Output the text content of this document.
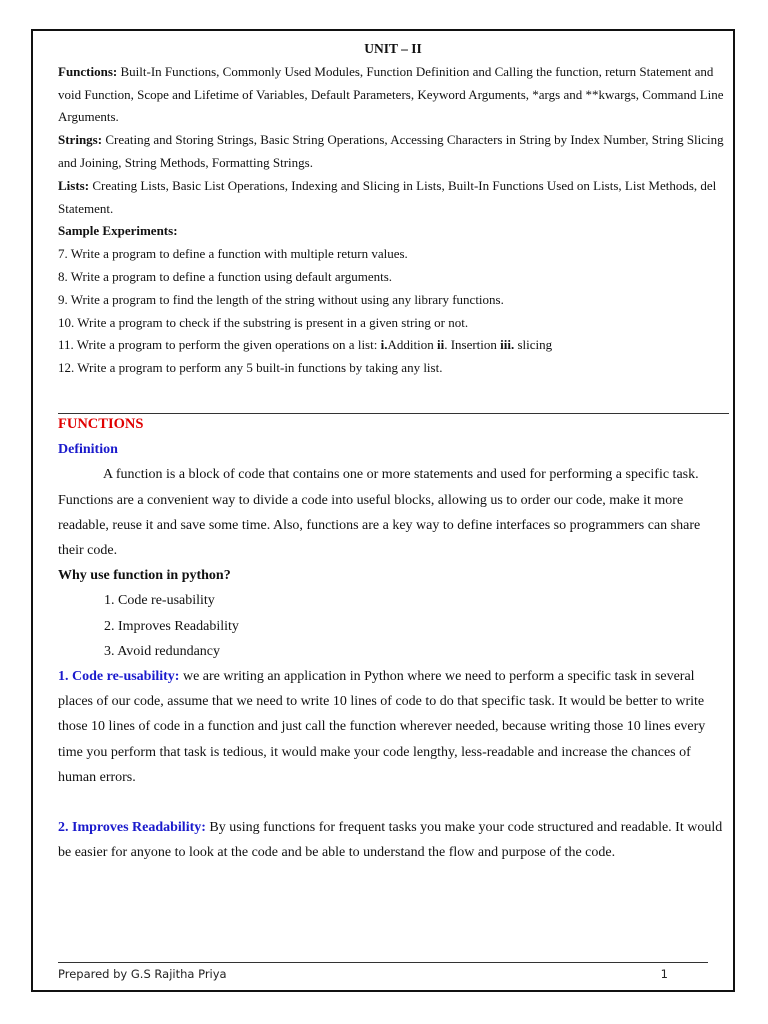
UNIT – II

Functions: Built-In Functions, Commonly Used Modules, Function Definition and Calling the function, return Statement and void Function, Scope and Lifetime of Variables, Default Parameters, Keyword Arguments, *args and **kwargs, Command Line Arguments.

Strings: Creating and Storing Strings, Basic String Operations, Accessing Characters in String by Index Number, String Slicing and Joining, String Methods, Formatting Strings.

Lists: Creating Lists, Basic List Operations, Indexing and Slicing in Lists, Built-In Functions Used on Lists, List Methods, del Statement.

Sample Experiments:

7. Write a program to define a function with multiple return values.

8. Write a program to define a function using default arguments.

9. Write a program to find the length of the string without using any library functions.

10. Write a program to check if the substring is present in a given string or not.

11. Write a program to perform the given operations on a list: i.Addition ii. Insertion iii. slicing

12. Write a program to perform any 5 built-in functions by taking any list.

FUNCTIONS

Definition

A function is a block of code that contains one or more statements and used for performing a specific task. Functions are a convenient way to divide a code into useful blocks, allowing us to order our code, make it more readable, reuse it and save some time. Also, functions are a key way to define interfaces so programmers can share their code.

Why use function in python?

1. Code re-usability
2. Improves Readability
3. Avoid redundancy

1. Code re-usability: we are writing an application in Python where we need to perform a specific task in several places of our code, assume that we need to write 10 lines of code to do that specific task. It would be better to write those 10 lines of code in a function and just call the function wherever needed, because writing those 10 lines every time you perform that task is tedious, it would make your code lengthy, less-readable and increase the chances of human errors.

2. Improves Readability: By using functions for frequent tasks you make your code structured and readable. It would be easier for anyone to look at the code and be able to understand the flow and purpose of the code.

Prepared by G.S Rajitha Priya	1
